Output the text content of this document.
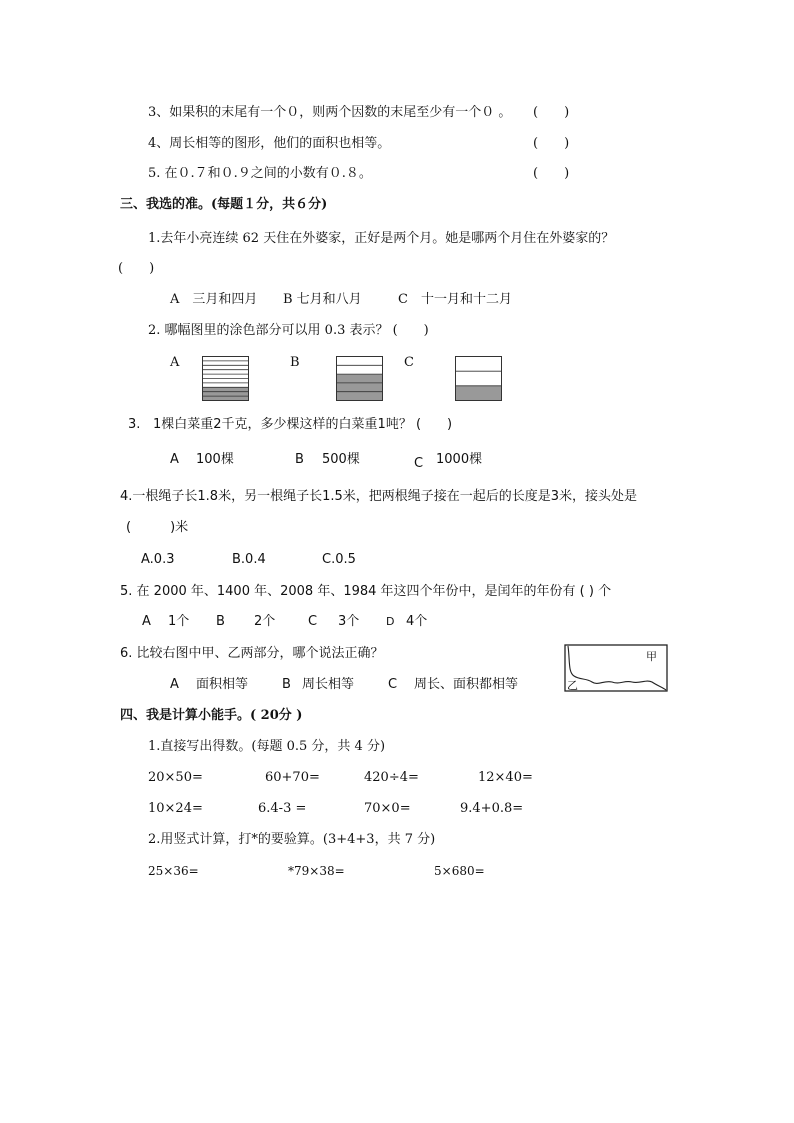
3、如果积的末尾有一个０，则两个因数的末尾至少有一个０ 。 (　　)
4、周长相等的图形，他们的面积也相等。	(　　)
5. 在０.７和０.９之间的小数有０.８。	(　　)
三、我选的准。(每题１分，共６分)
1.去年小亮连续 62 天住在外婆家，正好是两个月。她是哪两个月住在外婆家的？
(　　)
A　三月和四月 B 七月和八月	C　十一月和十二月
2. 哪幅图里的涂色部分可以用 0.3 表示？ (　　)
A	B	C
3. 1棵白菜重2千克，多少棵这样的白菜重1吨？ (　　)
A 100棵	B 500棵	C 1000棵
4.一根绳子长1.8米，另一根绳子长1.5米，把两根绳子接在一起后的长度是3米，接头处是
(　　　)米
A.0.3	B.0.4	C.0.5
5. 在 2000 年、1400 年、2008 年、1984 年这四个年份中，是闰年的年份有 ( ) 个
A 1个 B 2个	C 3个 D 4个
6. 比较右图中甲、乙两部分，哪个说法正确？
A 面积相等	B 周长相等	C 周长、面积都相等
甲
乙
四、我是计算小能手。( 20分 )
1.直接写出得数。(每题 0.5 分，共 4 分)
20×50=	60+70=	420÷4=	12×40=
10×24=	6.4-3 =	70×0=	9.4+0.8=
2.用竖式计算，打*的要验算。(3+4+3，共 7 分)
25×36=	*79×38=	5×680=
